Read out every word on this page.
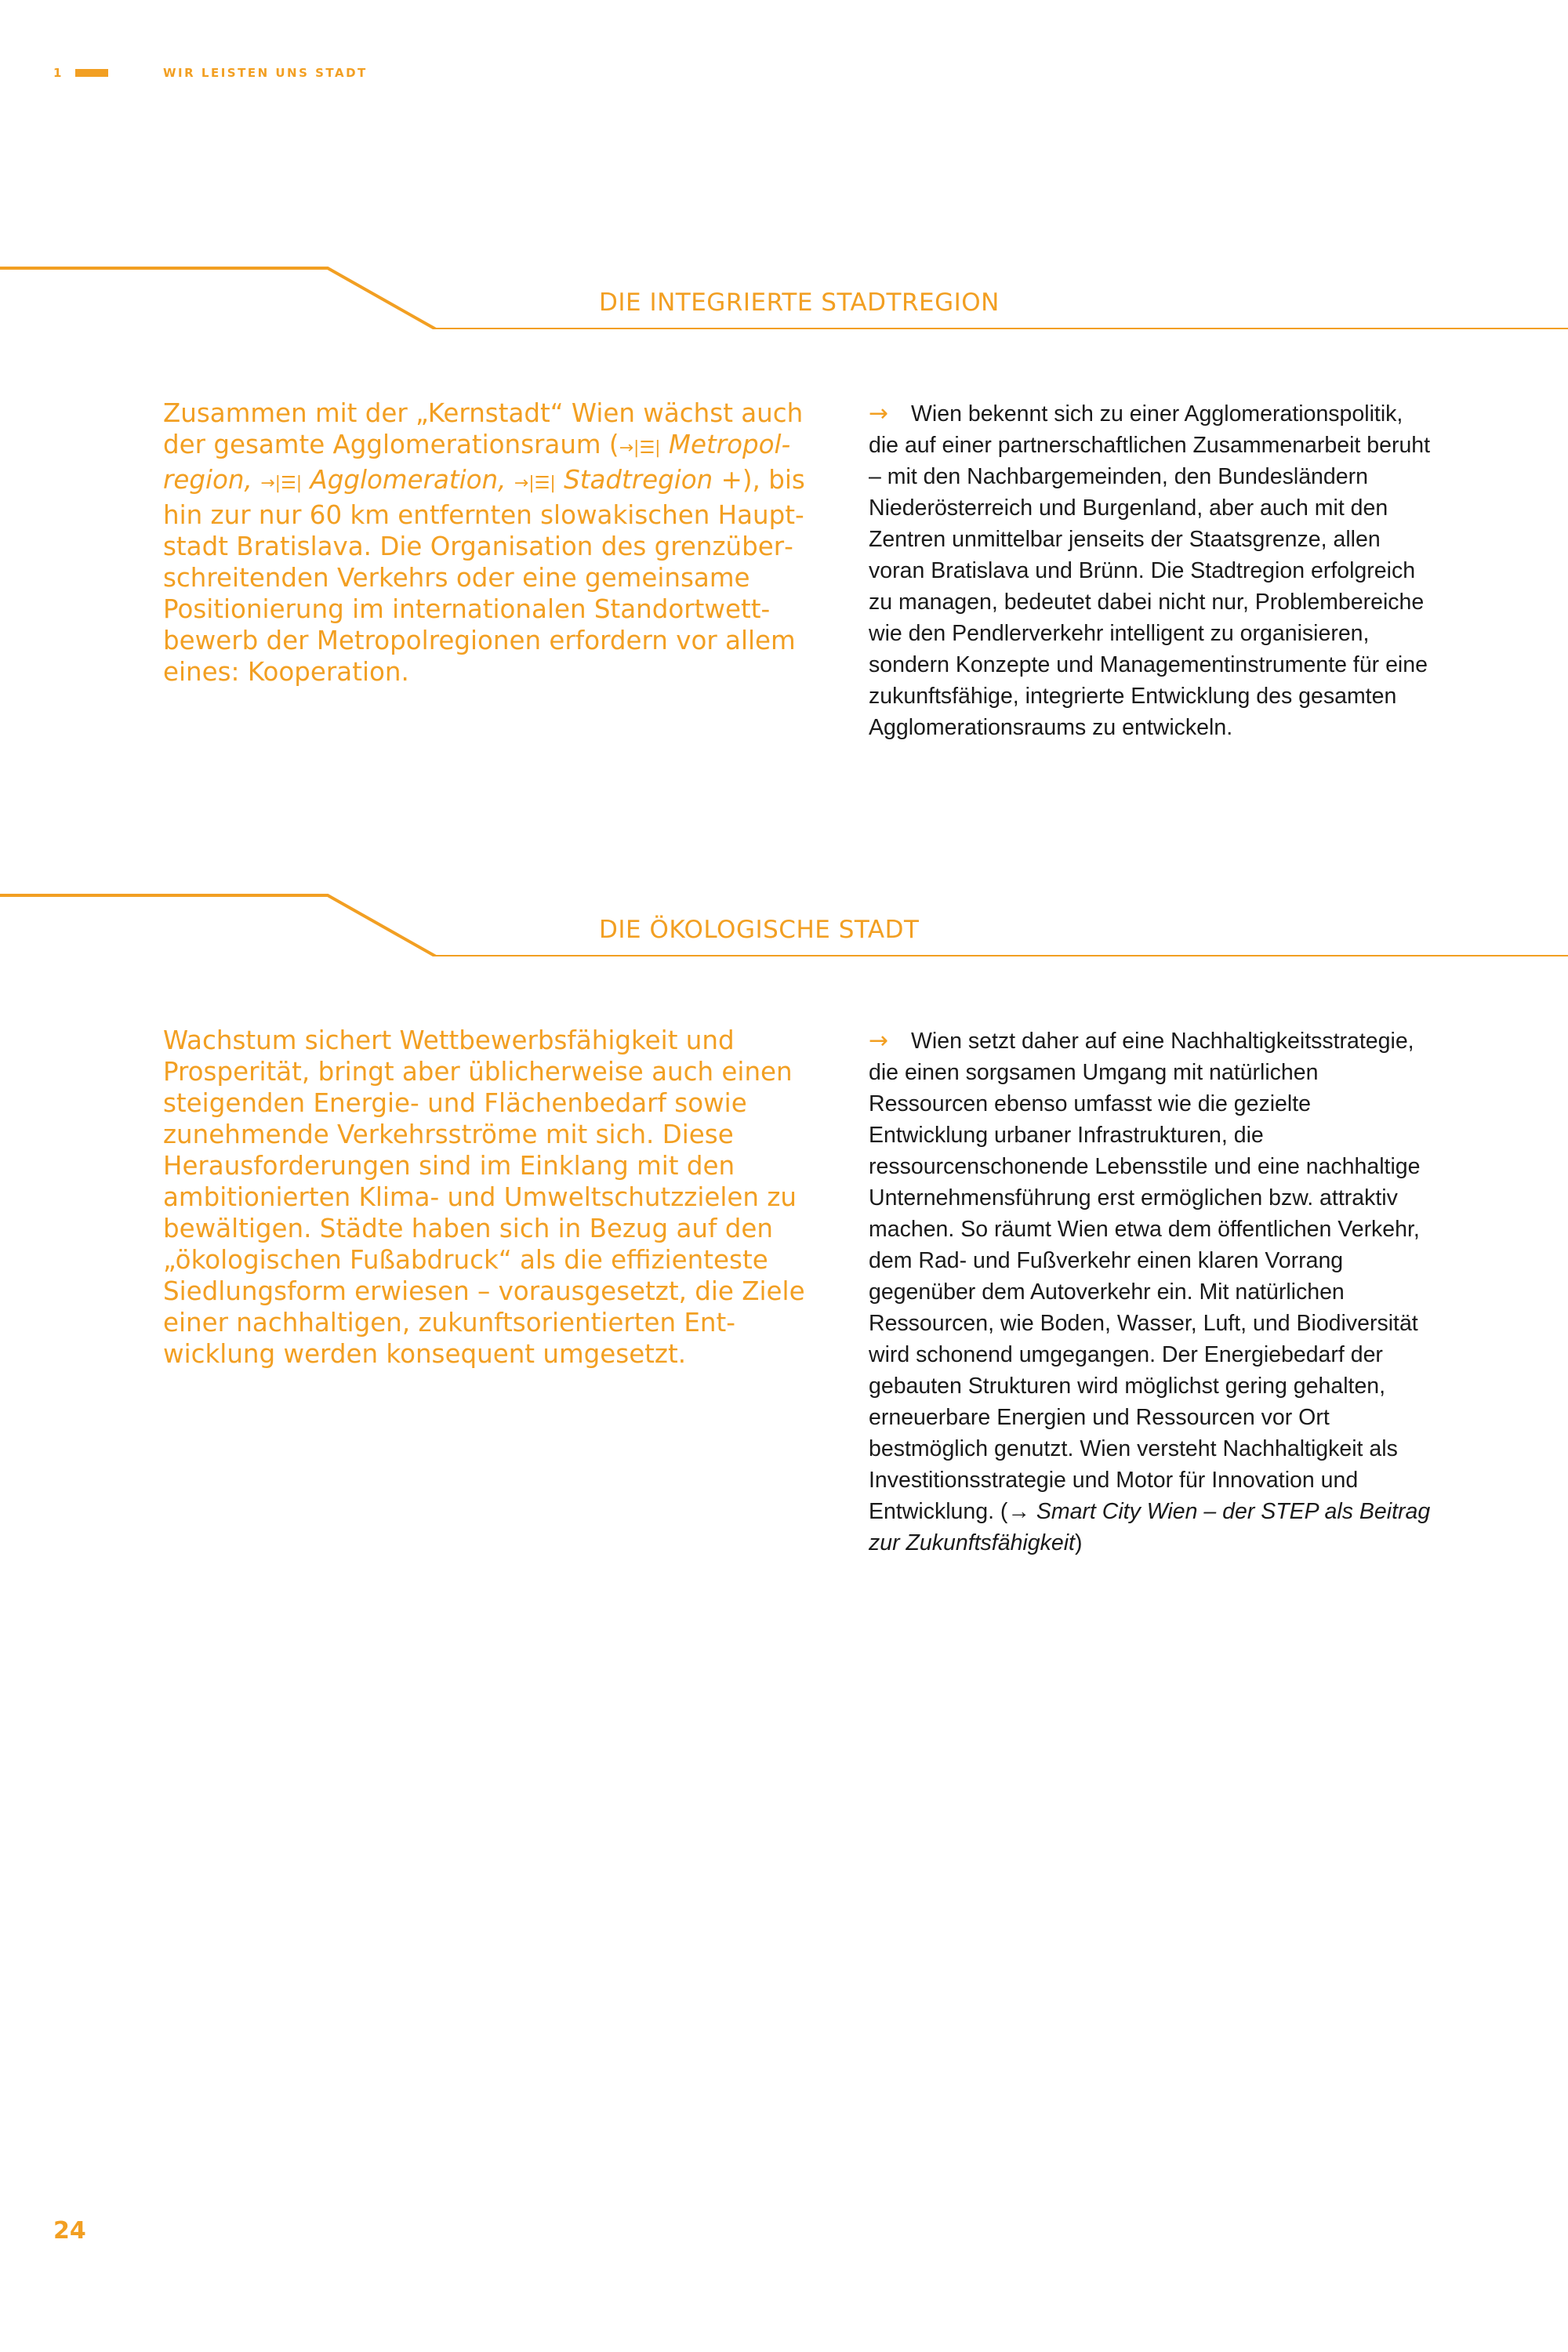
1	WIR LEISTEN UNS STADT
DIE INTEGRIERTE STADTREGION

Zusammen mit der „Kernstadt“ Wien wächst auch der gesamte Agglomerationsraum (→|☰| Metropolregion, →|☰| Agglomeration, →|☰| Stadtregion +), bis hin zur nur 60 km entfernten slowakischen Hauptstadt Bratislava. Die Organisation des grenzüberschreitenden Verkehrs oder eine gemeinsame Positionierung im internationalen Standortwettbewerb der Metropolregionen erfordern vor allem eines: Kooperation.

→	Wien bekennt sich zu einer Agglomerationspolitik, die auf einer partnerschaftlichen Zusammenarbeit beruht – mit den Nachbargemeinden, den Bundesländern Niederösterreich und Burgenland, aber auch mit den Zentren unmittelbar jenseits der Staatsgrenze, allen voran Bratislava und Brünn. Die Stadtregion erfolgreich zu managen, bedeutet dabei nicht nur, Problembereiche wie den Pendlerverkehr intelligent zu organisieren, sondern Konzepte und Managementinstrumente für eine zukunftsfähige, integrierte Entwicklung des gesamten Agglomerationsraums zu entwickeln.

DIE ÖKOLOGISCHE STADT

Wachstum sichert Wettbewerbsfähigkeit und Prosperität, bringt aber üblicherweise auch einen steigenden Energie- und Flächenbedarf sowie zunehmende Verkehrsströme mit sich. Diese Herausforderungen sind im Einklang mit den ambitionierten Klima- und Umweltschutzzielen zu bewältigen. Städte haben sich in Bezug auf den „ökologischen Fußabdruck“ als die effizienteste Siedlungsform erwiesen – vorausgesetzt, die Ziele einer nachhaltigen, zukunftsorientierten Entwicklung werden konsequent umgesetzt.

→	Wien setzt daher auf eine Nachhaltigkeitsstrategie, die einen sorgsamen Umgang mit natürlichen Ressourcen ebenso umfasst wie die gezielte Entwicklung urbaner Infrastrukturen, die ressourcenschonende Lebensstile und eine nachhaltige Unternehmensführung erst ermöglichen bzw. attraktiv machen. So räumt Wien etwa dem öffentlichen Verkehr, dem Rad- und Fußverkehr einen klaren Vorrang gegenüber dem Autoverkehr ein. Mit natürlichen Ressourcen, wie Boden, Wasser, Luft, und Biodiversität wird schonend umgegangen. Der Energiebedarf der gebauten Strukturen wird möglichst gering gehalten, erneuerbare Energien und Ressourcen vor Ort bestmöglich genutzt. Wien versteht Nachhaltigkeit als Investitionsstrategie und Motor für Innovation und Entwicklung. (→ Smart City Wien – der STEP als Beitrag zur Zukunftsfähigkeit)

24
